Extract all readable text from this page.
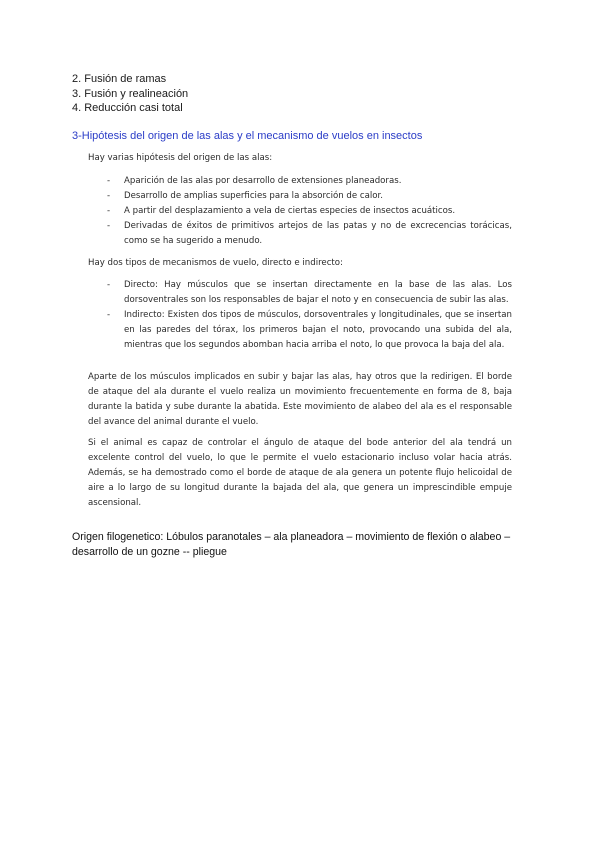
2. Fusión de ramas
3. Fusión y realineación
4. Reducción casi total
3-Hipótesis del origen de las alas y el mecanismo de vuelos en insectos

Hay varias hipótesis del origen de las alas:

- Aparición de las alas por desarrollo de extensiones planeadoras.
- Desarrollo de amplias superficies para la absorción de calor.
- A partir del desplazamiento a vela de ciertas especies de insectos acuáticos.
- Derivadas de éxitos de primitivos artejos de las patas y no de excrecencias torácicas, como se ha sugerido a menudo.

Hay dos tipos de mecanismos de vuelo, directo e indirecto:

- Directo: Hay músculos que se insertan directamente en la base de las alas. Los dorsoventrales son los responsables de bajar el noto y en consecuencia de subir las alas.
- Indirecto: Existen dos tipos de músculos, dorsoventrales y longitudinales, que se insertan en las paredes del tórax, los primeros bajan el noto, provocando una subida del ala, mientras que los segundos abomban hacia arriba el noto, lo que provoca la baja del ala.

Aparte de los músculos implicados en subir y bajar las alas, hay otros que la redirigen. El borde de ataque del ala durante el vuelo realiza un movimiento frecuentemente en forma de 8, baja durante la batida y sube durante la abatida. Este movimiento de alabeo del ala es el responsable del avance del animal durante el vuelo.

Si el animal es capaz de controlar el ángulo de ataque del bode anterior del ala tendrá un excelente control del vuelo, lo que le permite el vuelo estacionario incluso volar hacia atrás. Además, se ha demostrado como el borde de ataque de ala genera un potente flujo helicoidal de aire a lo largo de su longitud durante la bajada del ala, que genera un imprescindible empuje ascensional.

Origen filogenetico: Lóbulos paranotales – ala planeadora – movimiento de flexión o alabeo – desarrollo de un gozne -- pliegue
